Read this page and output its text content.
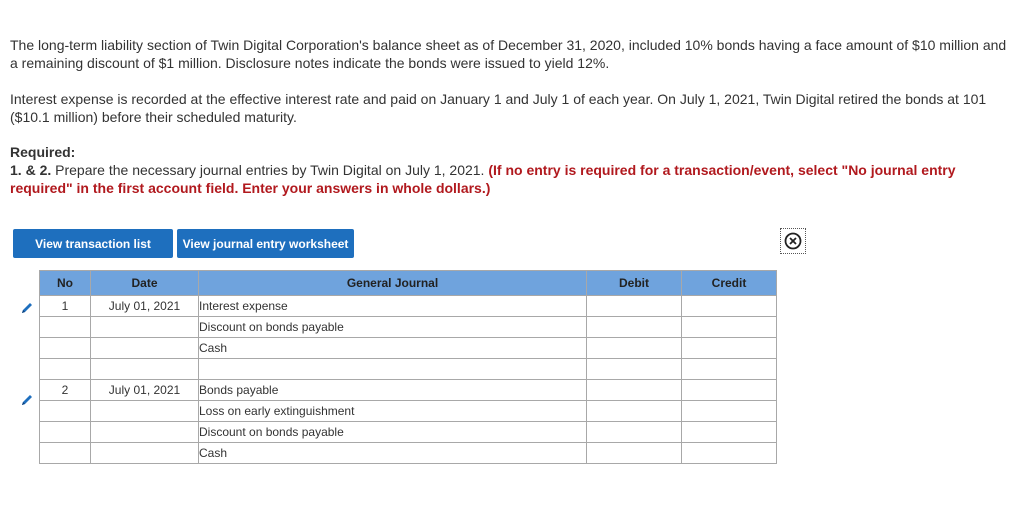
The long-term liability section of Twin Digital Corporation's balance sheet as of December 31, 2020, included 10% bonds having a face amount of $10 million and a remaining discount of $1 million. Disclosure notes indicate the bonds were issued to yield 12%.

Interest expense is recorded at the effective interest rate and paid on January 1 and July 1 of each year. On July 1, 2021, Twin Digital retired the bonds at 101 ($10.1 million) before their scheduled maturity.

Required:
1. & 2. Prepare the necessary journal entries by Twin Digital on July 1, 2021. (If no entry is required for a transaction/event, select "No journal entry required" in the first account field. Enter your answers in whole dollars.)

View transaction list	View journal entry worksheet
No	Date	General Journal	Debit	Credit
1	July 01, 2021	Interest expense		
		Discount on bonds payable		
		Cash		

2	July 01, 2021	Bonds payable		
		Loss on early extinguishment		
		Discount on bonds payable		
		Cash		
